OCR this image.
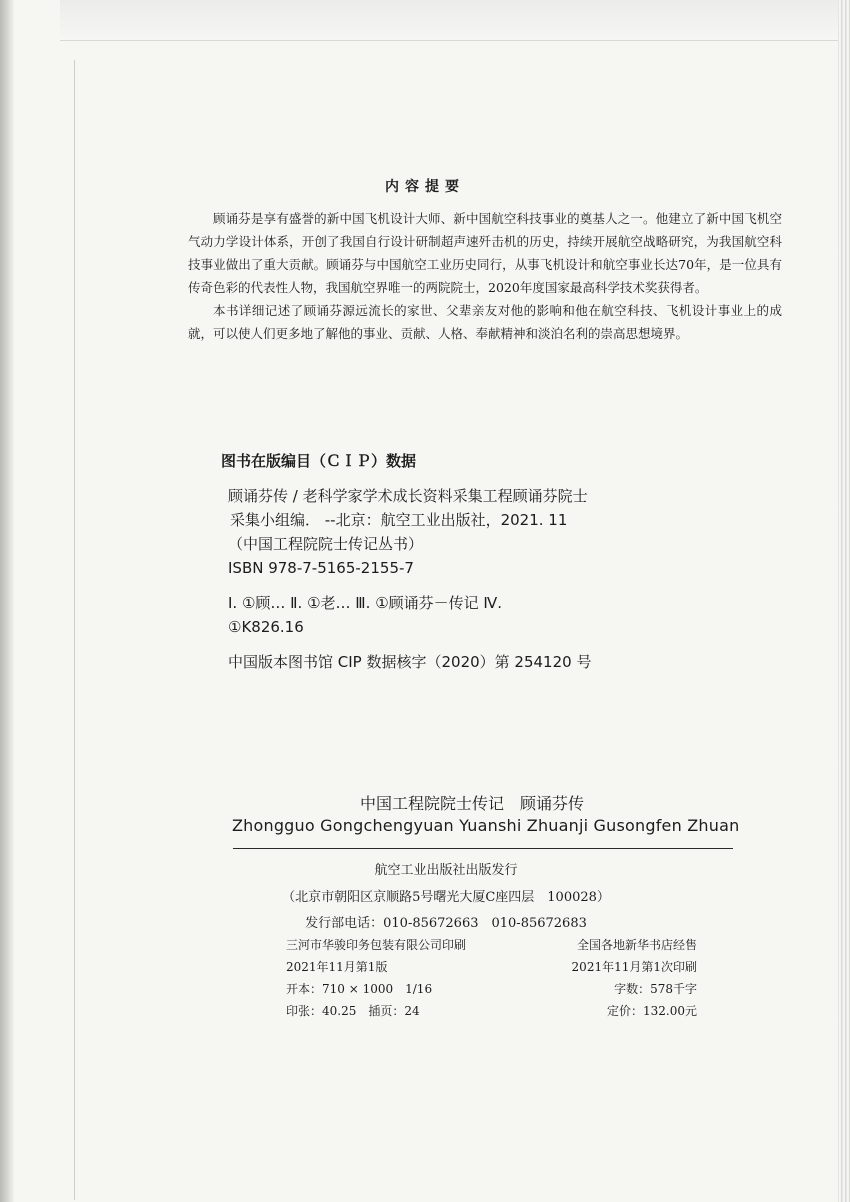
内容提要

顾诵芬是享有盛誉的新中国飞机设计大师、新中国航空科技事业的奠基人之一。他建立了新中国飞机空气动力学设计体系，开创了我国自行设计研制超声速歼击机的历史，持续开展航空战略研究，为我国航空科技事业做出了重大贡献。顾诵芬与中国航空工业历史同行，从事飞机设计和航空事业长达70年，是一位具有传奇色彩的代表性人物，我国航空界唯一的两院院士，2020年度国家最高科学技术奖获得者。

本书详细记述了顾诵芬源远流长的家世、父辈亲友对他的影响和他在航空科技、飞机设计事业上的成就，可以使人们更多地了解他的事业、贡献、人格、奉献精神和淡泊名利的崇高思想境界。

图书在版编目（ＣＩＰ）数据
顾诵芬传 / 老科学家学术成长资料采集工程顾诵芬院士
采集小组编． --北京：航空工业出版社，2021. 11
（中国工程院院士传记丛书）
ISBN 978-7-5165-2155-7
Ⅰ. ①顾… Ⅱ. ①老… Ⅲ. ①顾诵芬－传记 Ⅳ.
①K826.16
中国版本图书馆 CIP 数据核字（2020）第 254120 号
中国工程院院士传记　顾诵芬传
Zhongguo Gongchengyuan Yuanshi Zhuanji Gusongfen Zhuan
航空工业出版社出版发行
（北京市朝阳区京顺路5号曙光大厦C座四层　100028）
发行部电话：010-85672663　010-85672683
三河市华骏印务包装有限公司印刷
2021年11月第1版
开本：710 × 1000　1/16
印张：40.25　插页：24
全国各地新华书店经售
2021年11月第1次印刷
字数：578千字
定价：132.00元
